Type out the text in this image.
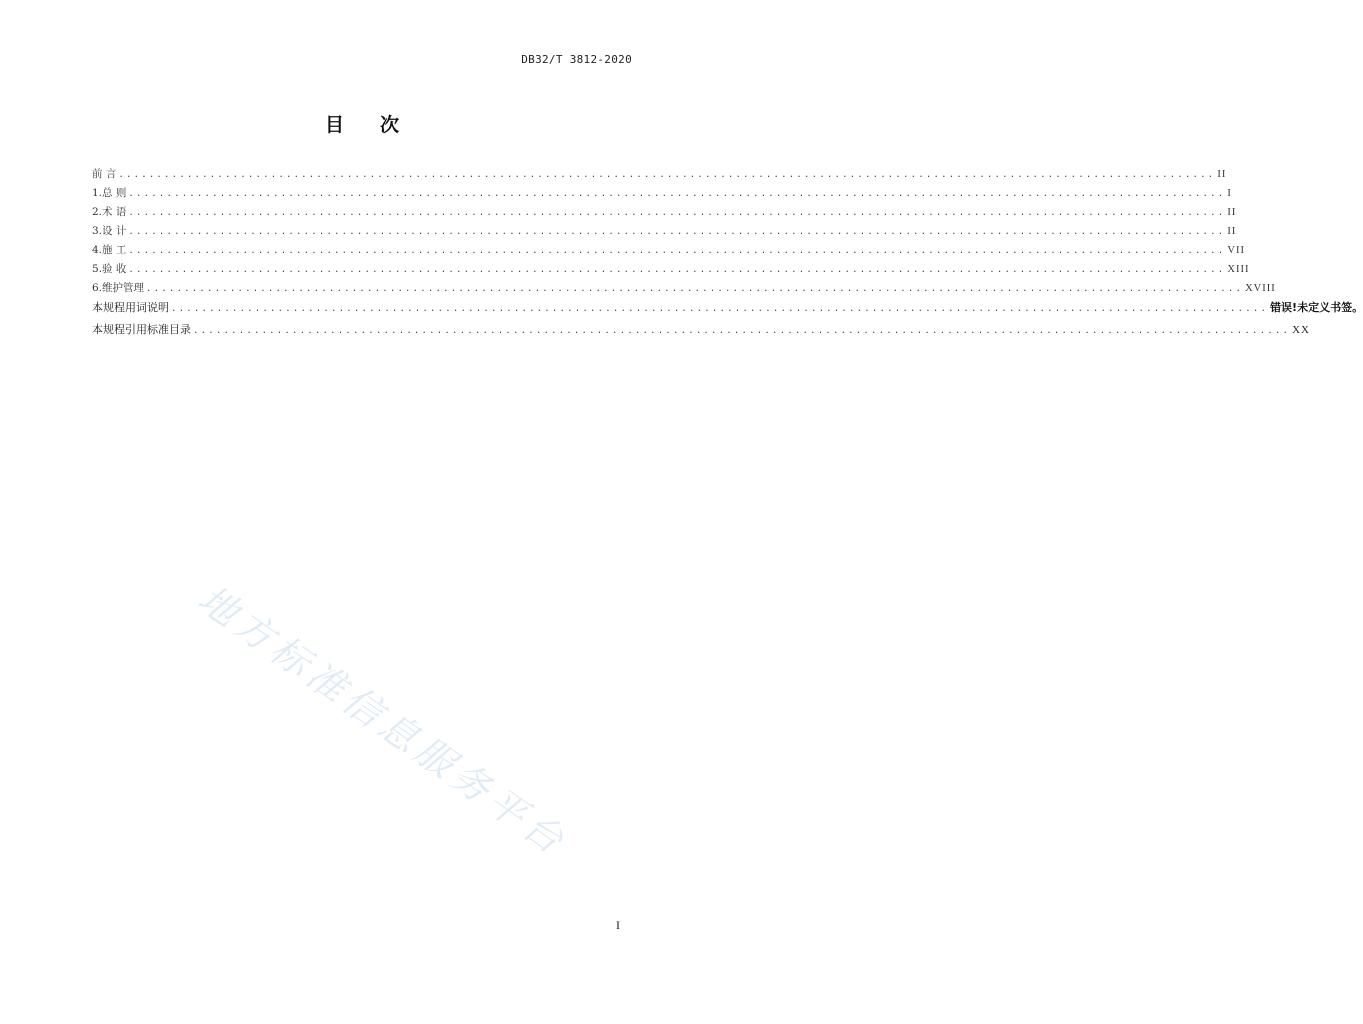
DB32/T 3812-2020
目 次
前 言 ................................................................................................................................................ II
1.总 则 ................................................................................................................................................ I
2.术 语 ................................................................................................................................................ II
3.设 计 ................................................................................................................................................ II
4.施 工 ................................................................................................................................................ VII
5.验 收 ................................................................................................................................................ XIII
6.维护管理 ................................................................................................................................................ XVIII
本规程用词说明 ................................................................................................................................................ 错误!未定义书签。
本规程引用标准目录 ................................................................................................................................................ XX
地方标准信息服务平台
I
